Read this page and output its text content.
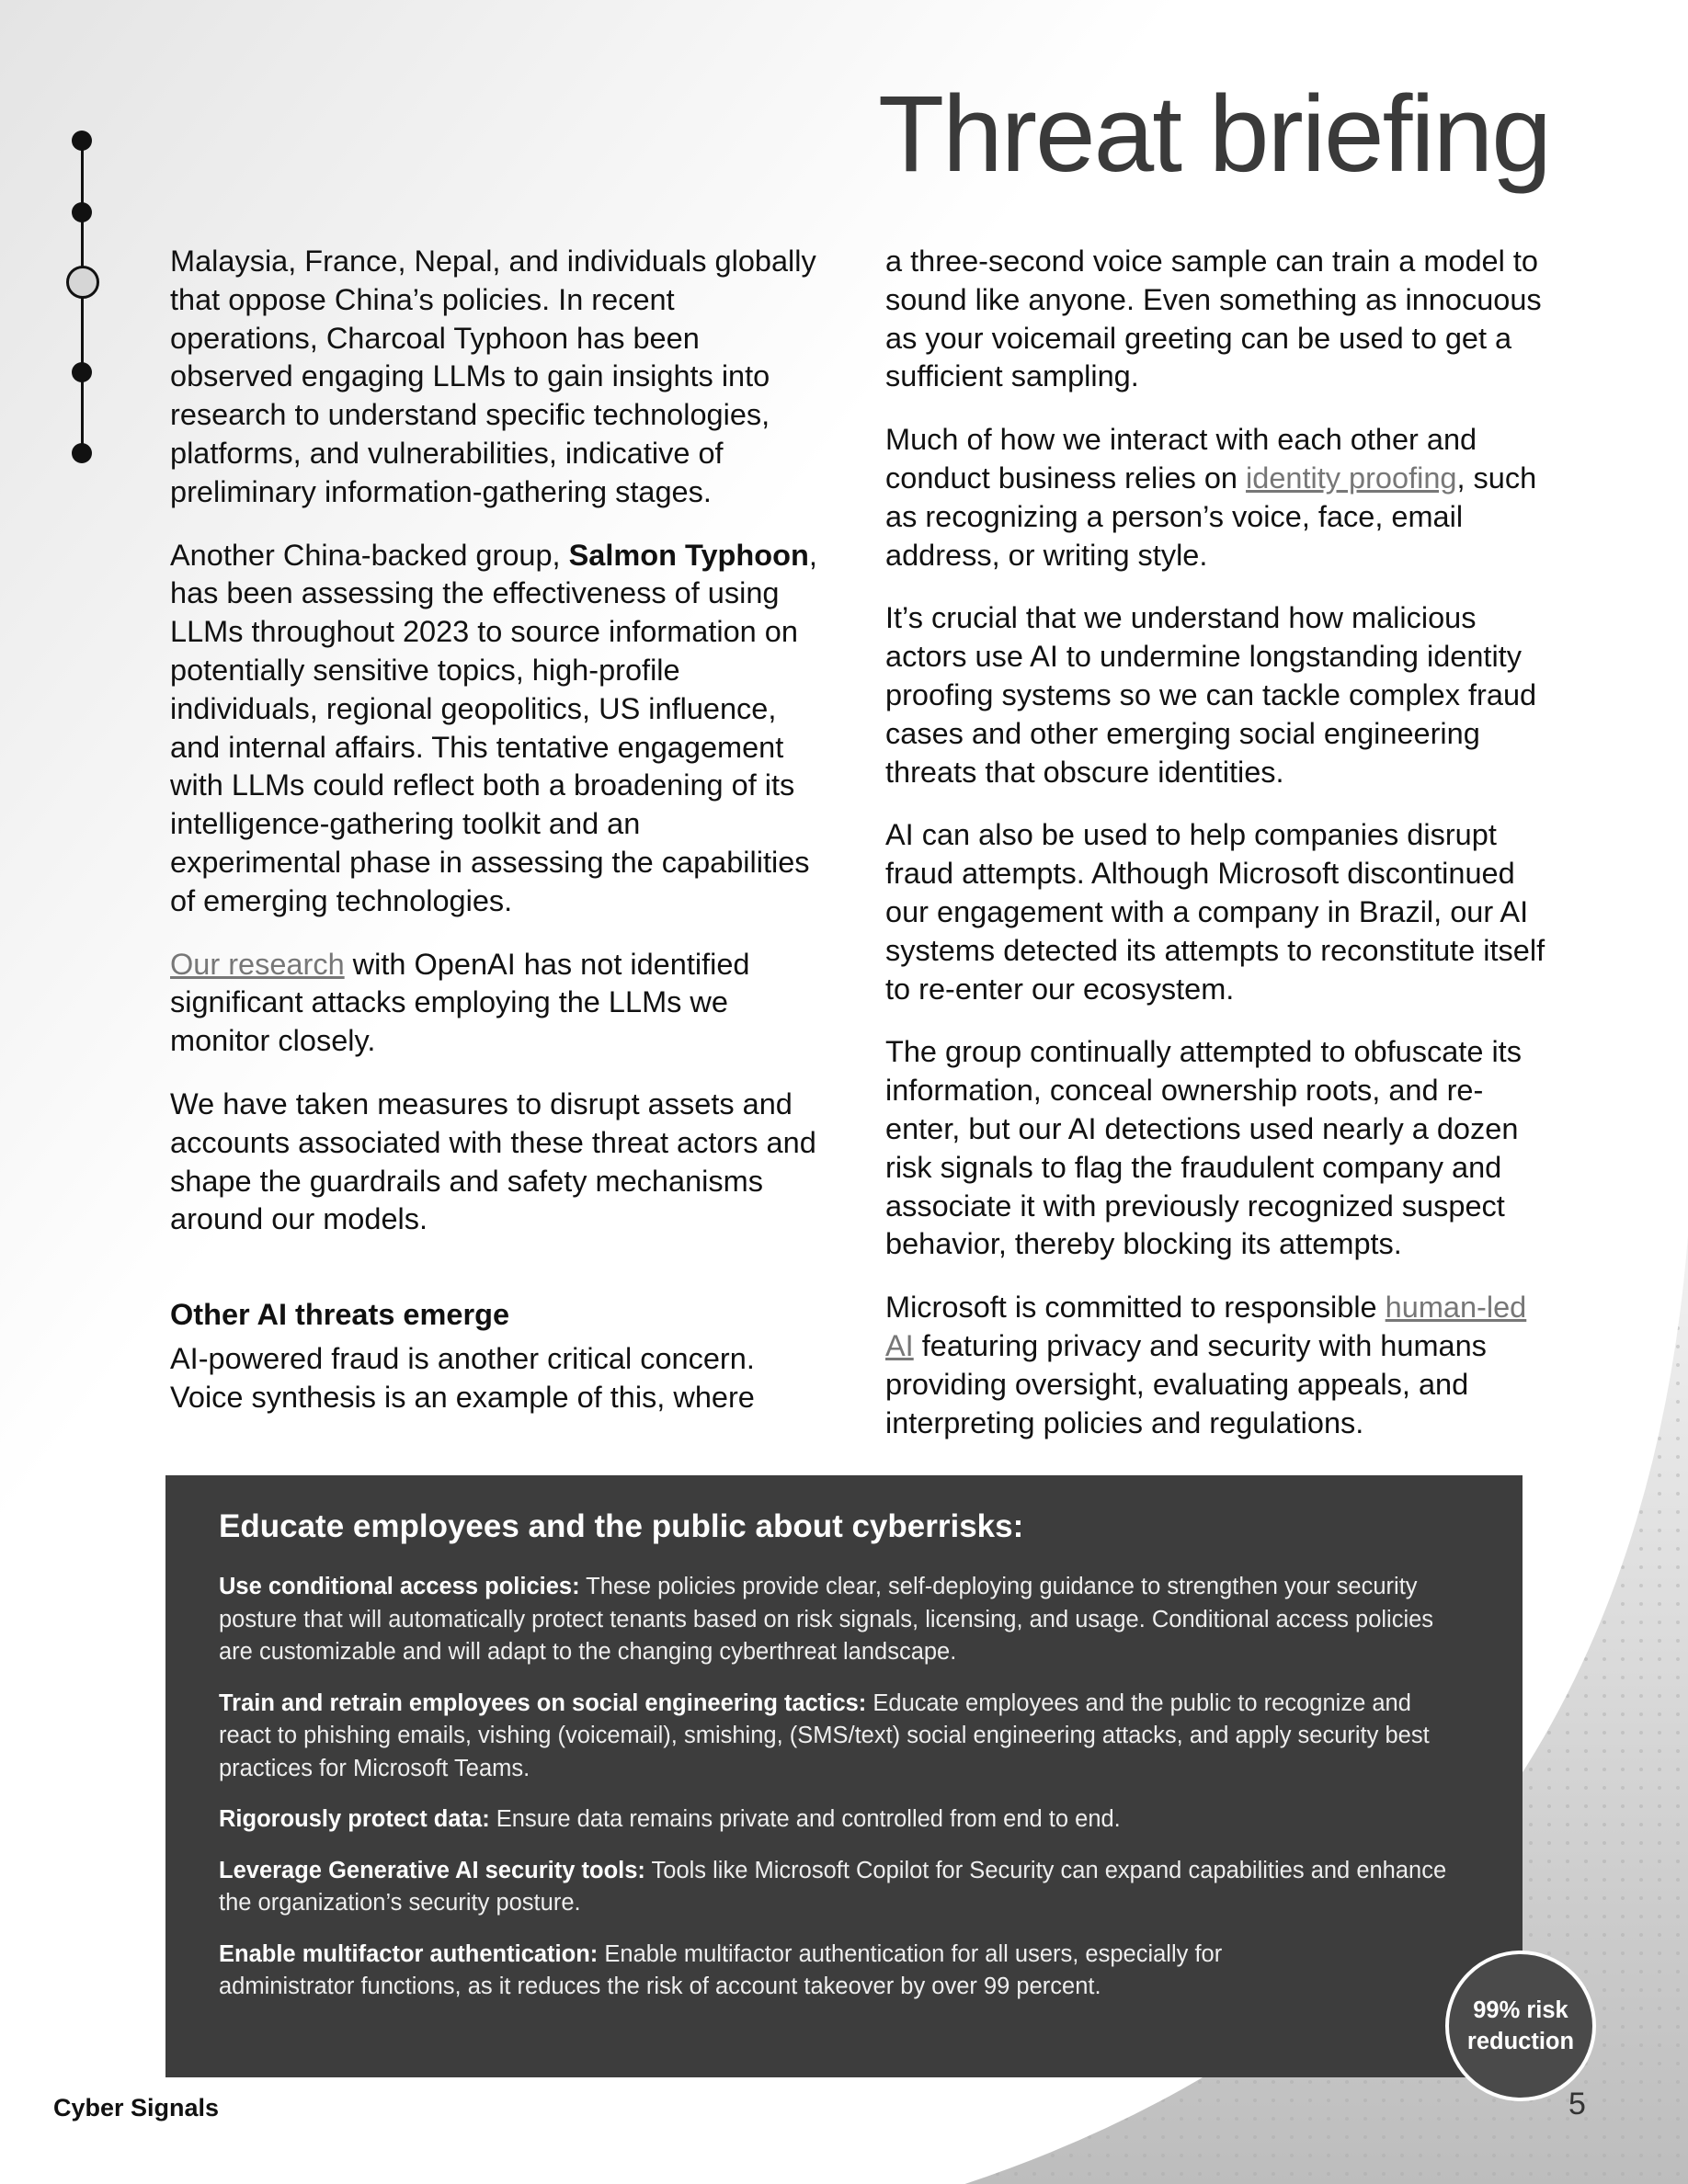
Threat briefing

Malaysia, France, Nepal, and individuals globally that oppose China’s policies. In recent operations, Charcoal Typhoon has been observed engaging LLMs to gain insights into research to understand specific technologies, platforms, and vulnerabilities, indicative of preliminary information-gathering stages.

Another China-backed group, Salmon Typhoon, has been assessing the effectiveness of using LLMs throughout 2023 to source information on potentially sensitive topics, high-profile individuals, regional geopolitics, US influence, and internal affairs. This tentative engagement with LLMs could reflect both a broadening of its intelligence-gathering toolkit and an experimental phase in assessing the capabilities of emerging technologies.

Our research with OpenAI has not identified significant attacks employing the LLMs we monitor closely.

We have taken measures to disrupt assets and accounts associated with these threat actors and shape the guardrails and safety mechanisms around our models.

Other AI threats emerge

AI-powered fraud is another critical concern. Voice synthesis is an example of this, where

a three-second voice sample can train a model to sound like anyone. Even something as innocuous as your voicemail greeting can be used to get a sufficient sampling.

Much of how we interact with each other and conduct business relies on identity proofing, such as recognizing a person’s voice, face, email address, or writing style.

It’s crucial that we understand how malicious actors use AI to undermine longstanding identity proofing systems so we can tackle complex fraud cases and other emerging social engineering threats that obscure identities.

AI can also be used to help companies disrupt fraud attempts. Although Microsoft discontinued our engagement with a company in Brazil, our AI systems detected its attempts to reconstitute itself to re-enter our ecosystem.

The group continually attempted to obfuscate its information, conceal ownership roots, and re-enter, but our AI detections used nearly a dozen risk signals to flag the fraudulent company and associate it with previously recognized suspect behavior, thereby blocking its attempts.

Microsoft is committed to responsible human-led AI featuring privacy and security with humans providing oversight, evaluating appeals, and interpreting policies and regulations.

Educate employees and the public about cyberrisks:

Use conditional access policies: These policies provide clear, self-deploying guidance to strengthen your security posture that will automatically protect tenants based on risk signals, licensing, and usage. Conditional access policies are customizable and will adapt to the changing cyberthreat landscape.

Train and retrain employees on social engineering tactics: Educate employees and the public to recognize and react to phishing emails, vishing (voicemail), smishing, (SMS/text) social engineering attacks, and apply security best practices for Microsoft Teams.

Rigorously protect data: Ensure data remains private and controlled from end to end.

Leverage Generative AI security tools: Tools like Microsoft Copilot for Security can expand capabilities and enhance the organization’s security posture.

Enable multifactor authentication: Enable multifactor authentication for all users, especially for administrator functions, as it reduces the risk of account takeover by over 99 percent.

99% risk reduction
Cyber Signals	5
